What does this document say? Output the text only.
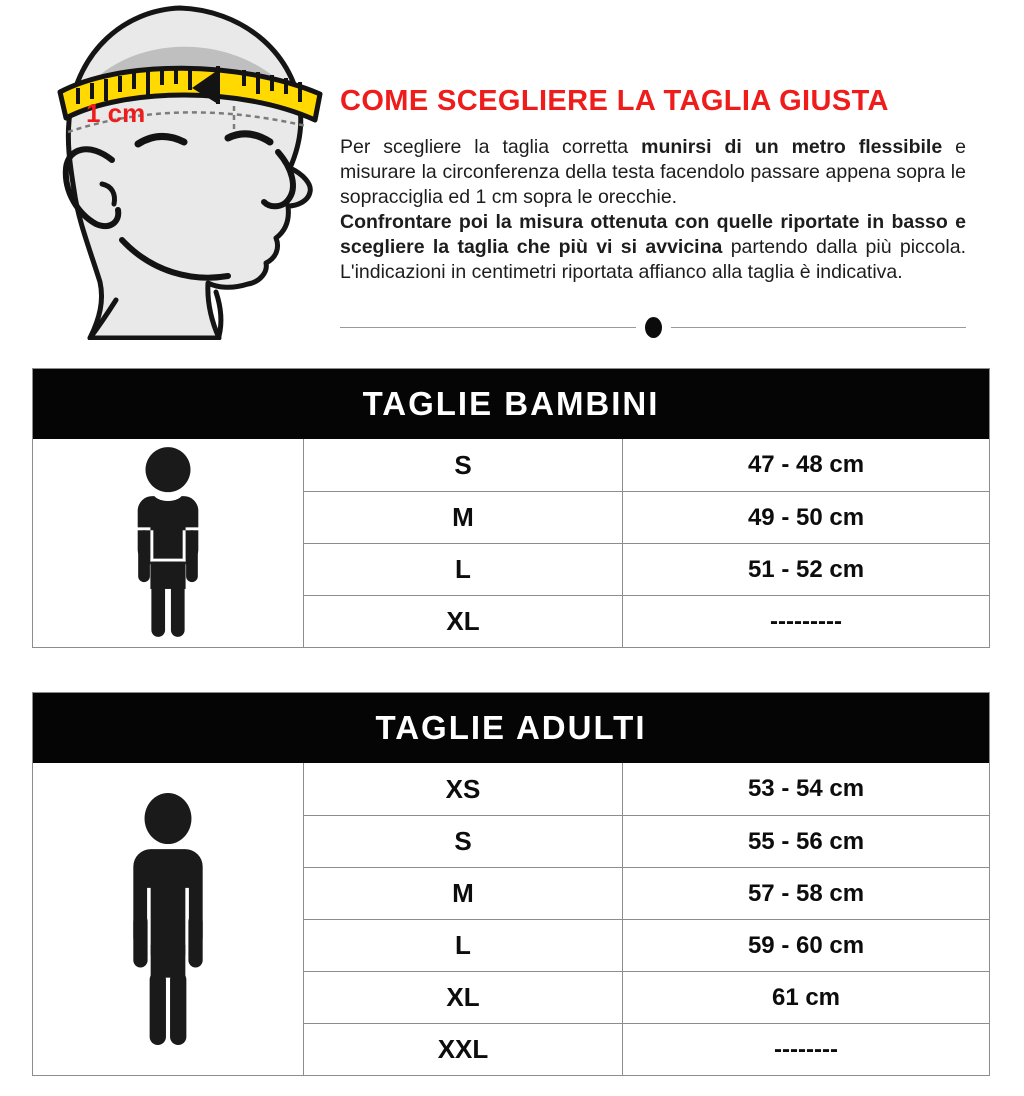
1 cm	COME SCEGLIERE LA TAGLIA GIUSTA

Per scegliere la taglia corretta munirsi di un metro flessibile e misurare la circonferenza della testa facendolo passare appena sopra le sopracciglia ed 1 cm sopra le orecchie.

Confrontare poi la misura ottenuta con quelle riportate in basso e scegliere la taglia che più vi si avvicina partendo dalla più piccola. L'indicazioni in centimetri riportata affianco alla taglia è indicativa.

TAGLIE BAMBINI
S	47 - 48 cm
M	49 - 50 cm
L	51 - 52 cm
XL	---------
TAGLIE ADULTI
XS	53 - 54 cm
S	55 - 56 cm
M	57 - 58 cm
L	59 - 60 cm
XL	61 cm
XXL	--------
